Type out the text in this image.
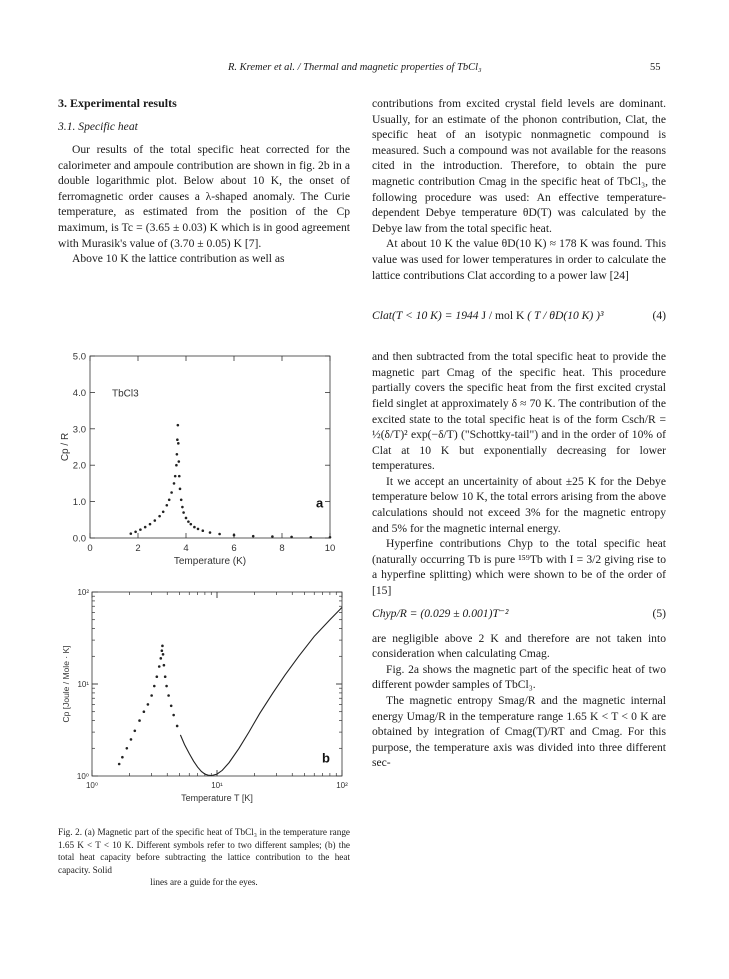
R. Kremer et al. / Thermal and magnetic properties of TbCl₃	55
3. Experimental results
3.1. Specific heat

Our results of the total specific heat corrected for the calorimeter and ampoule contribution are shown in fig. 2b in a double logarithmic plot. Below about 10 K, the onset of ferromagnetic order causes a λ-shaped anomaly. The Curie temperature, as estimated from the position of the Cp maximum, is Tc = (3.65 ± 0.03) K which is in good agreement with Murasik's value of (3.70 ± 0.05) K [7].

Above 10 K the lattice contribution as well as

0.0
1.0
2.0
3.0
4.0
5.0
0	2	4	6	8	10
Temperature (K)
Cp / R
TbCl3
a
10⁰	10¹	10²
10⁰
10¹
10²
Temperature T [K]
Cp [Joule / Mole · K]
b
Fig. 2. (a) Magnetic part of the specific heat of TbCl₃ in the temperature range 1.65 K < T < 10 K. Different symbols refer to two different samples; (b) the total heat capacity before subtracting the lattice contribution to the heat capacity. Solid
lines are a guide for the eyes.

contributions from excited crystal field levels are dominant. Usually, for an estimate of the phonon contribution, Clat, the specific heat of an isotypic nonmagnetic compound is measured. Such a compound was not available for the reasons cited in the introduction. Therefore, to obtain the pure magnetic contribution Cmag in the specific heat of TbCl₃, the following procedure was used: An effective temperature-dependent Debye temperature θD(T) was calculated by the Debye law from the total specific heat.

At about 10 K the value θD(10 K) ≈ 178 K was found. This value was used for lower temperatures in order to calculate the lattice contributions Clat according to a power law [24]

Clat(T < 10 K) = 1944 J / mol K ( T / θD(10 K) )³	(4)

and then subtracted from the total specific heat to provide the magnetic part Cmag of the specific heat. This procedure partially covers the specific heat from the first excited crystal field singlet at approximately δ ≈ 70 K. The contribution of the excited state to the total specific heat is of the form Csch/R = ½(δ/T)² exp(−δ/T) ("Schottky-tail") and in the order of 10% of Clat at 10 K but exponentially decreasing for lower temperatures.

It we accept an uncertainity of about ±25 K for the Debye temperature below 10 K, the total errors arising from the above calculations should not exceed 3% for the magnetic entropy and 5% for the magnetic internal energy.

Hyperfine contributions Chyp to the total specific heat (naturally occurring Tb is pure ¹⁵⁹Tb with I = 3/2 giving rise to a hyperfine splitting) which were shown to be of the order of [15]

Chyp/R = (0.029 ± 0.001)T⁻²	(5)

are negligible above 2 K and therefore are not taken into consideration when calculating Cmag.

Fig. 2a shows the magnetic part of the specific heat of two different powder samples of TbCl₃.

The magnetic entropy Smag/R and the magnetic internal energy Umag/R in the temperature range 1.65 K < T < 0 K are obtained by integration of Cmag(T)/RT and Cmag. For this purpose, the temperature axis was divided into three different sec-
